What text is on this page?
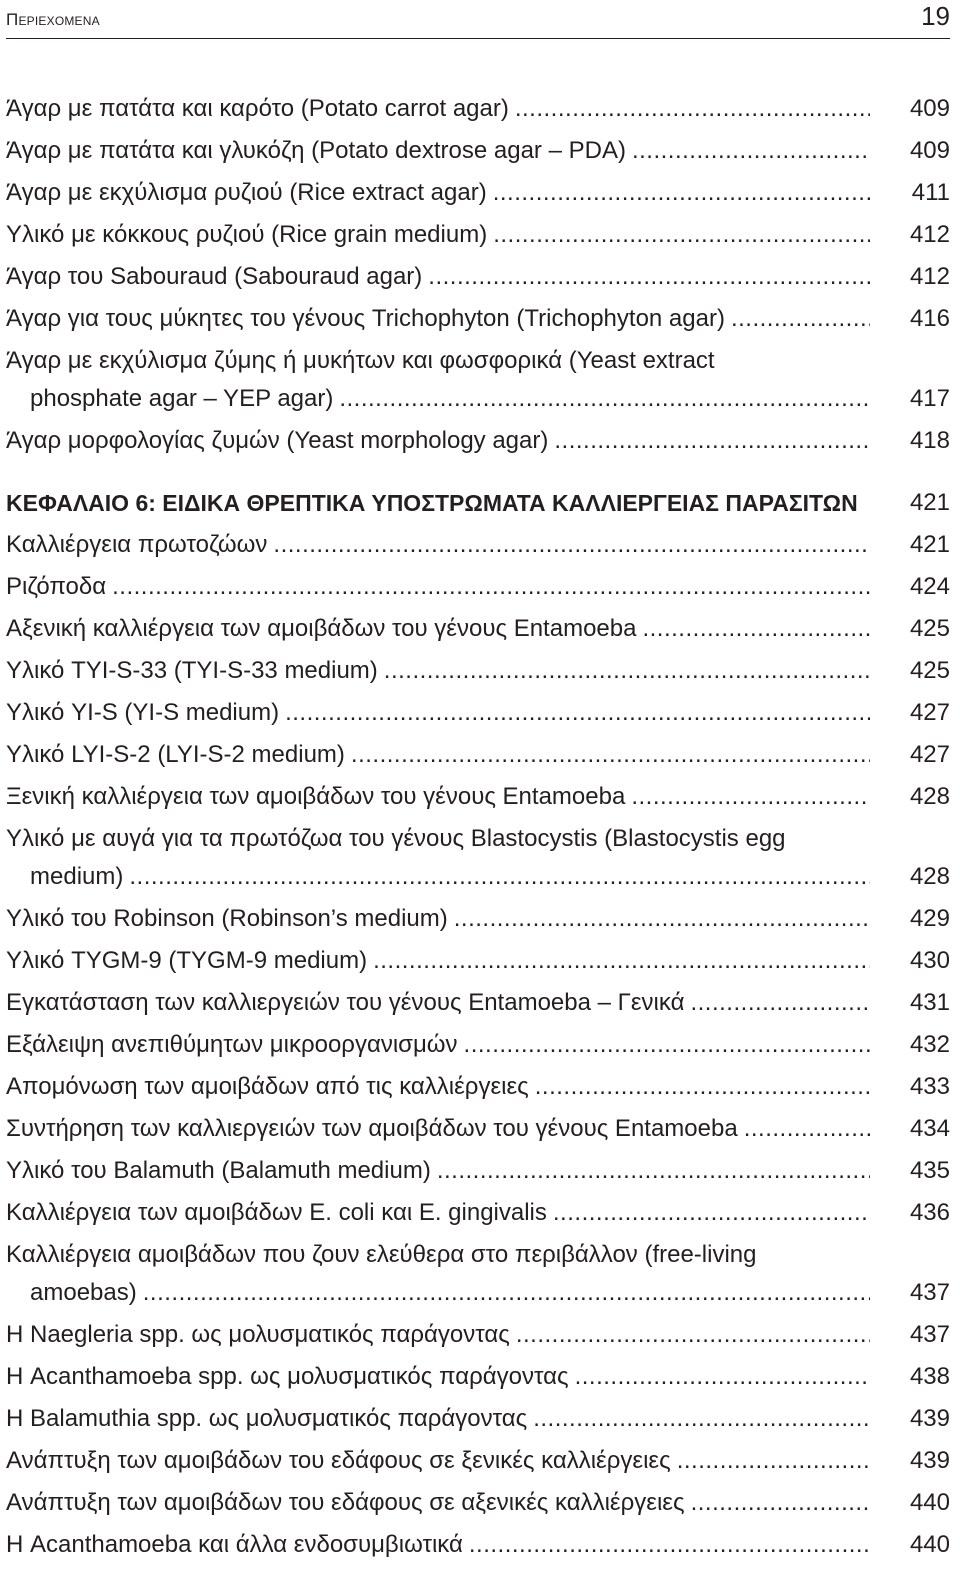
Περιεχομενα	19
Άγαρ με πατάτα και καρότο (Potato carrot agar) .....	409
Άγαρ με πατάτα και γλυκόζη (Potato dextrose agar – PDA) .....	409
Άγαρ με εκχύλισμα ρυζιού (Rice extract agar) .....	411
Υλικό με κόκκους ρυζιού (Rice grain medium) .....	412
Άγαρ του Sabouraud (Sabouraud agar) .....	412
Άγαρ για τους μύκητες του γένους Trichophyton (Trichophyton agar) .....	416
Άγαρ με εκχύλισμα ζύμης ή μυκήτων και φωσφορικά (Yeast extract
phosphate agar – YEP agar) .....	417
Άγαρ μορφολογίας ζυμών (Yeast morphology agar) .....	418
ΚΕΦΑΛΑΙΟ 6: ΕΙΔΙΚΑ ΘΡΕΠΤΙΚΑ ΥΠΟΣΤΡΩΜΑΤΑ ΚΑΛΛΙΕΡΓΕΙΑΣ ΠΑΡΑΣΙΤΩΝ 421
Καλλιέργεια πρωτοζώων .....	421
Ριζόποδα .....	424
Αξενική καλλιέργεια των αμοιβάδων του γένους Entamoeba .....	425
Υλικό TYI-S-33 (TYI-S-33 medium) .....	425
Υλικό YI-S (YI-S medium) .....	427
Υλικό LYI-S-2 (LYI-S-2 medium) .....	427
Ξενική καλλιέργεια των αμοιβάδων του γένους Entamoeba .....	428
Υλικό με αυγά για τα πρωτόζωα του γένους Blastocystis (Blastocystis egg
medium) .....	428
Υλικό του Robinson (Robinson’s medium) .....	429
Υλικό TYGM-9 (TYGM-9 medium) .....	430
Εγκατάσταση των καλλιεργειών του γένους Entamoeba – Γενικά .....	431
Εξάλειψη ανεπιθύμητων μικροοργανισμών .....	432
Απομόνωση των αμοιβάδων από τις καλλιέργειες .....	433
Συντήρηση των καλλιεργειών των αμοιβάδων του γένους Entamoeba .....	434
Υλικό του Balamuth (Balamuth medium) .....	435
Καλλιέργεια των αμοιβάδων E. coli και E. gingivalis .....	436
Καλλιέργεια αμοιβάδων που ζουν ελεύθερα στο περιβάλλον (free-living
amoebas) .....	437
Η Naegleria spp. ως μολυσματικός παράγοντας .....	437
Η Acanthamoeba spp. ως μολυσματικός παράγοντας .....	438
Η Balamuthia spp. ως μολυσματικός παράγοντας .....	439
Ανάπτυξη των αμοιβάδων του εδάφους σε ξενικές καλλιέργειες .....	439
Ανάπτυξη των αμοιβάδων του εδάφους σε αξενικές καλλιέργειες .....	440
Η Acanthamoeba και άλλα ενδοσυμβιωτικά .....	440
